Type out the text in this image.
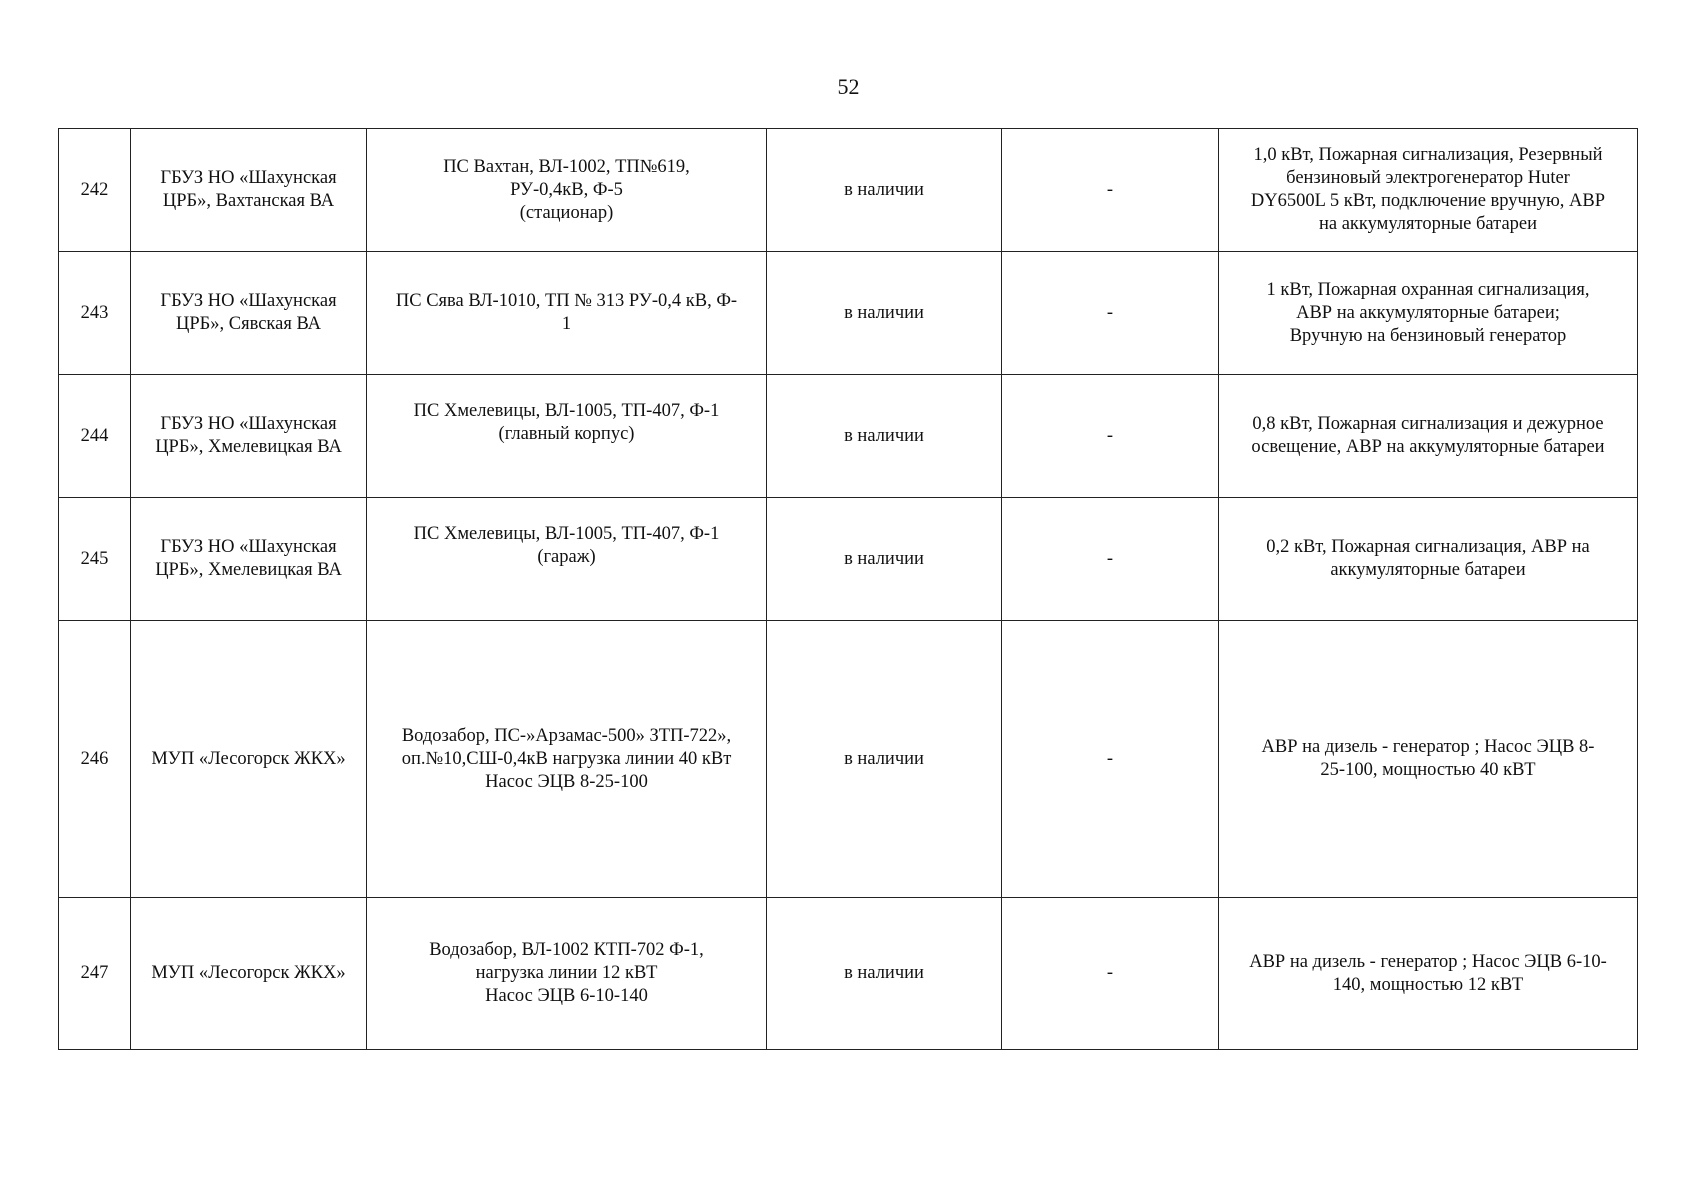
52
242	ГБУЗ НО «Шахунская
ЦРБ», Вахтанская ВА	ПС Вахтан, ВЛ-1002, ТП№619,
РУ-0,4кВ, Ф-5
(стационар)	в наличии	-	1,0 кВт, Пожарная сигнализация, Резервный
бензиновый электрогенератор Huter
DY6500L 5 кВт, подключение вручную, АВР
на аккумуляторные батареи

243	ГБУЗ НО «Шахунская
ЦРБ», Сявская ВА	ПС Сява ВЛ-1010, ТП № 313 РУ-0,4 кВ, Ф-
1	в наличии	-	1 кВт, Пожарная охранная сигнализация,
АВР на аккумуляторные батареи;
Вручную на бензиновый генератор

244	ГБУЗ НО «Шахунская
ЦРБ», Хмелевицкая ВА	ПС Хмелевицы, ВЛ-1005, ТП-407, Ф-1
(главный корпус)	в наличии	-	0,8 кВт, Пожарная сигнализация и дежурное
освещение, АВР на аккумуляторные батареи

245	ГБУЗ НО «Шахунская
ЦРБ», Хмелевицкая ВА	ПС Хмелевицы, ВЛ-1005, ТП-407, Ф-1
(гараж)	в наличии	-	0,2 кВт, Пожарная сигнализация, АВР на
аккумуляторные батареи

246	МУП «Лесогорск ЖКХ»	Водозабор, ПС-»Арзамас-500» ЗТП-722»,
оп.№10,СШ-0,4кВ нагрузка линии 40 кВт
Насос ЭЦВ 8-25-100	в наличии	-	АВР на дизель - генератор ; Насос ЭЦВ 8-
25-100, мощностью 40 кВТ

247	МУП «Лесогорск ЖКХ»	Водозабор, ВЛ-1002 КТП-702 Ф-1,
нагрузка линии 12 кВТ
Насос ЭЦВ 6-10-140	в наличии	-	АВР на дизель - генератор ; Насос ЭЦВ 6-10-
140, мощностью 12 кВТ
